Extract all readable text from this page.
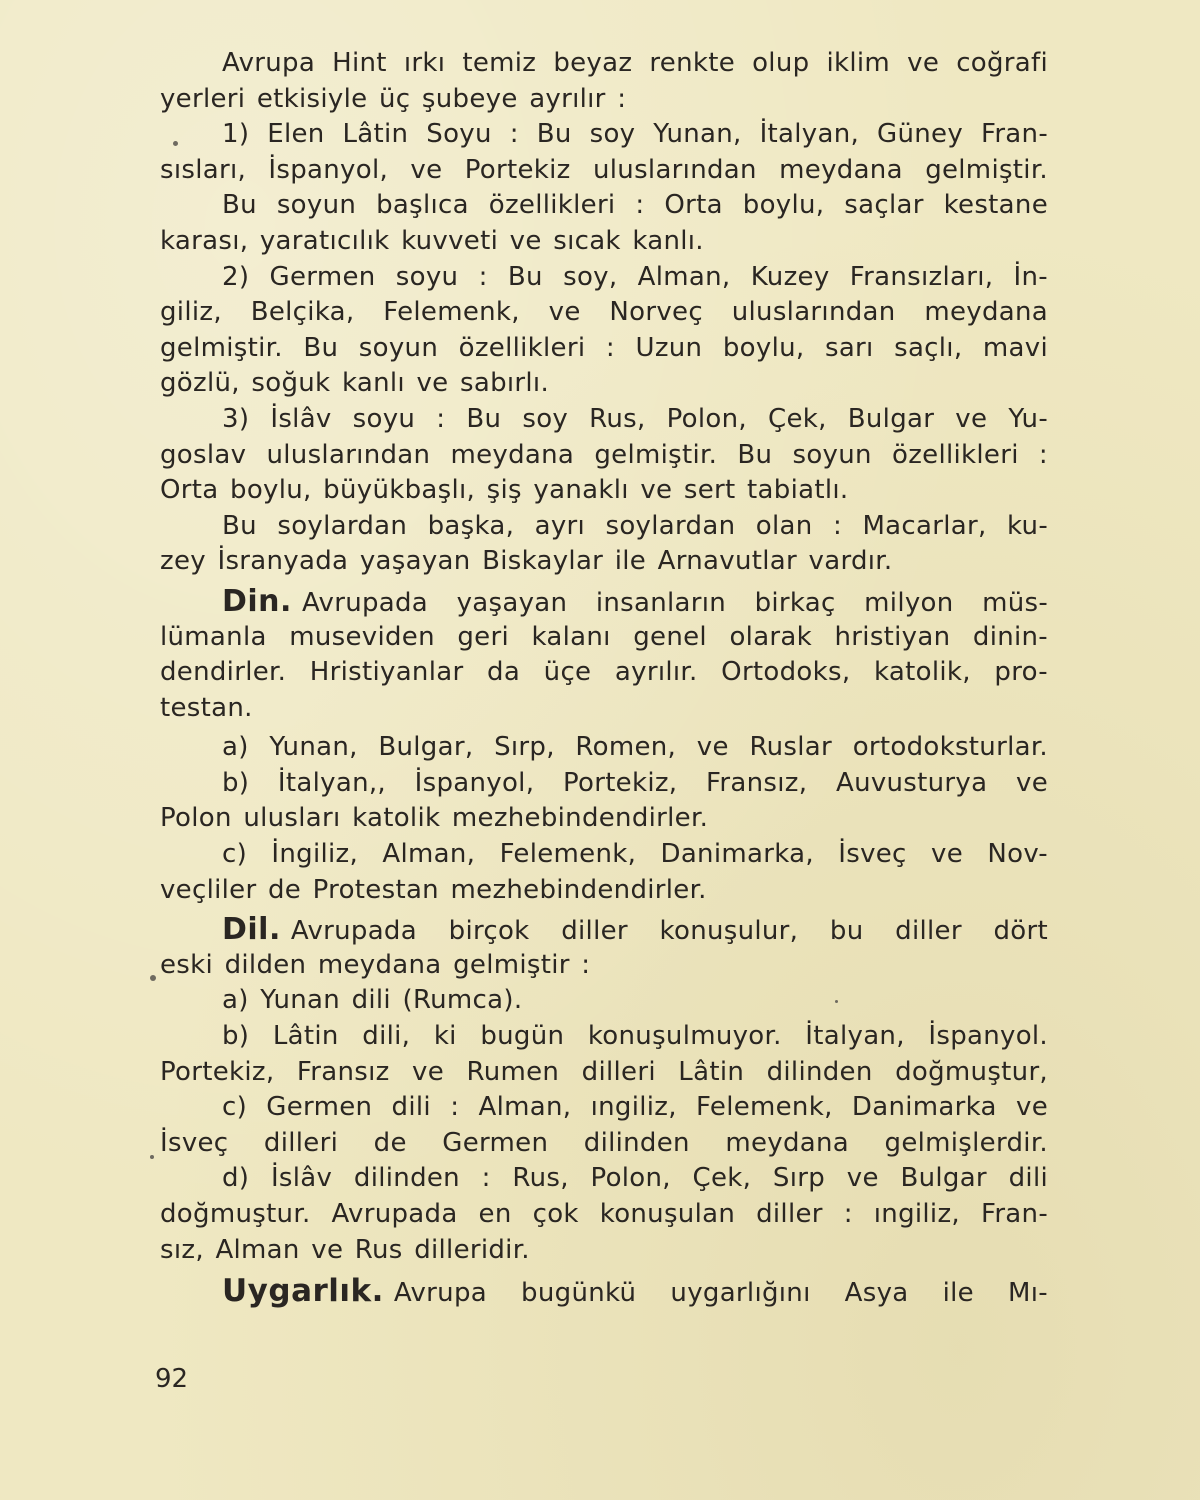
Avrupa Hint ırkı temiz beyaz renkte olup iklim ve coğrafi
yerleri etkisiyle üç şubeye ayrılır :
1) Elen Lâtin Soyu : Bu soy Yunan, İtalyan, Güney Fran-
sısları, İspanyol, ve Portekiz uluslarından meydana gelmiştir.
Bu soyun başlıca özellikleri : Orta boylu, saçlar kestane
karası, yaratıcılık kuvveti ve sıcak kanlı.
2) Germen soyu : Bu soy, Alman, Kuzey Fransızları, İn-
giliz, Belçika, Felemenk, ve Norveç uluslarından meydana
gelmiştir. Bu soyun özellikleri : Uzun boylu, sarı saçlı, mavi
gözlü, soğuk kanlı ve sabırlı.
3) İslâv soyu : Bu soy Rus, Polon, Çek, Bulgar ve Yu-
goslav uluslarından meydana gelmiştir. Bu soyun özellikleri :
Orta boylu, büyükbaşlı, şiş yanaklı ve sert tabiatlı.
Bu soylardan başka, ayrı soylardan olan : Macarlar, ku-
zey İsranyada yaşayan Biskaylar ile Arnavutlar vardır.
Din. Avrupada yaşayan insanların birkaç milyon müs-
lümanla museviden geri kalanı genel olarak hristiyan dinin-
dendirler. Hristiyanlar da üçe ayrılır. Ortodoks, katolik, pro-
testan.
a) Yunan, Bulgar, Sırp, Romen, ve Ruslar ortodoksturlar.
b) İtalyan,, İspanyol, Portekiz, Fransız, Auvusturya ve
Polon ulusları katolik mezhebindendirler.
c) İngiliz, Alman, Felemenk, Danimarka, İsveç ve Nov-
veçliler de Protestan mezhebindendirler.
Dil. Avrupada birçok diller konuşulur, bu diller dört
eski dilden meydana gelmiştir :
a) Yunan dili (Rumca).
b) Lâtin dili, ki bugün konuşulmuyor. İtalyan, İspanyol.
Portekiz, Fransız ve Rumen dilleri Lâtin dilinden doğmuştur,
c) Germen dili : Alman, ıngiliz, Felemenk, Danimarka ve
İsveç dilleri de Germen dilinden meydana gelmişlerdir.
d) İslâv dilinden : Rus, Polon, Çek, Sırp ve Bulgar dili
doğmuştur. Avrupada en çok konuşulan diller : ıngiliz, Fran-
sız, Alman ve Rus dilleridir.
Uygarlık. Avrupa bugünkü uygarlığını Asya ile Mı-
92
